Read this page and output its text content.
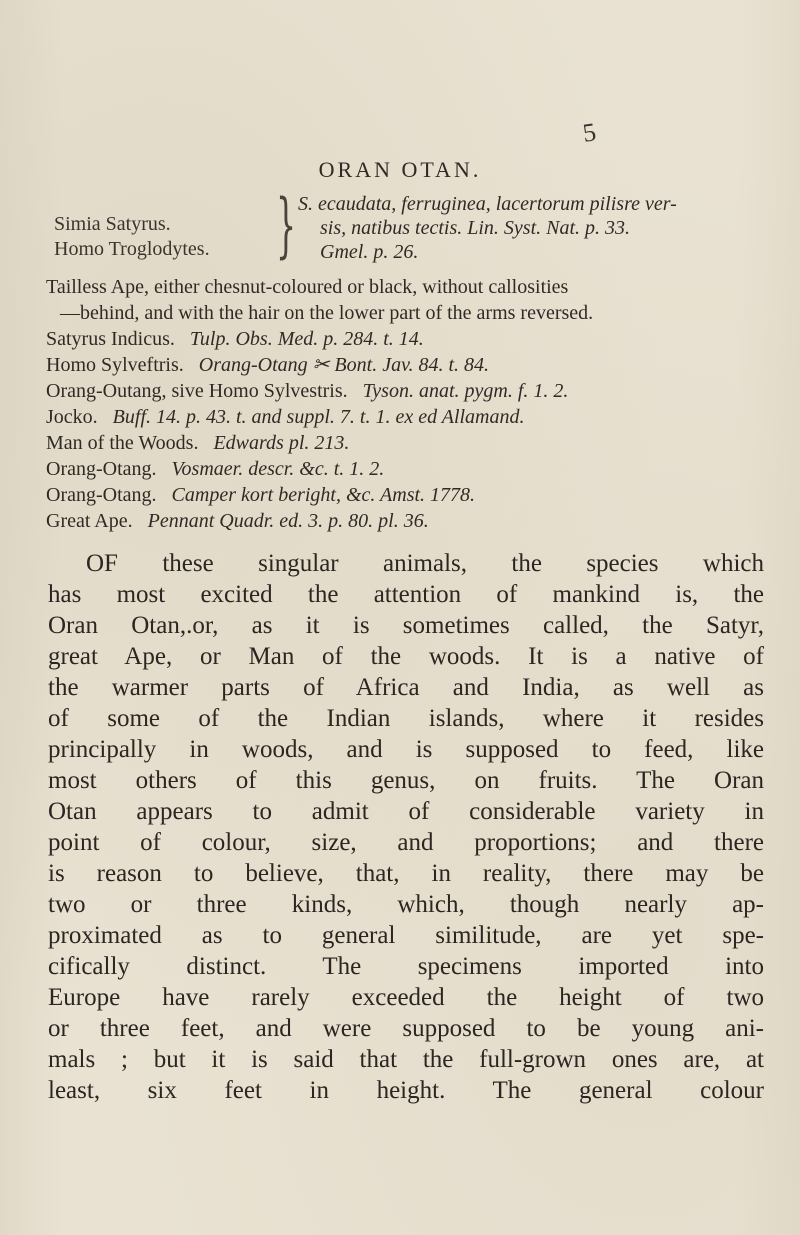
5
ORAN OTAN.
Simia Satyrus.
Homo Troglodytes. } S. ecaudata, ferruginea, lacertorum pilisre ver-
sis, natibus tectis. Lin. Syst. Nat. p. 33.
Gmel. p. 26.
Tailless Ape, either chesnut-coloured or black, without callosities
—behind, and with the hair on the lower part of the arms reversed.
Satyrus Indicus. Tulp. Obs. Med. p. 284. t. 14.
Homo Sylveftris. Orang-Otang ✂ Bont. Jav. 84. t. 84.
Orang-Outang, sive Homo Sylvestris. Tyson. anat. pygm. f. 1. 2.
Jocko. Buff. 14. p. 43. t. and suppl. 7. t. 1. ex ed Allamand.
Man of the Woods. Edwards pl. 213.
Orang-Otang. Vosmaer. descr. &c. t. 1. 2.
Orang-Otang. Camper kort beright, &c. Amst. 1778.
Great Ape. Pennant Quadr. ed. 3. p. 80. pl. 36.
OF these singular animals, the species which
has most excited the attention of mankind is, the
Oran Otan,.or, as it is sometimes called, the Satyr,
great Ape, or Man of the woods. It is a native of
the warmer parts of Africa and India, as well as
of some of the Indian islands, where it resides
principally in woods, and is supposed to feed, like
most others of this genus, on fruits. The Oran
Otan appears to admit of considerable variety in
point of colour, size, and proportions; and there
is reason to believe, that, in reality, there may be
two or three kinds, which, though nearly ap-
proximated as to general similitude, are yet spe-
cifically distinct. The specimens imported into
Europe have rarely exceeded the height of two
or three feet, and were supposed to be young ani-
mals ; but it is said that the full-grown ones are, at
least, six feet in height. The general colour
